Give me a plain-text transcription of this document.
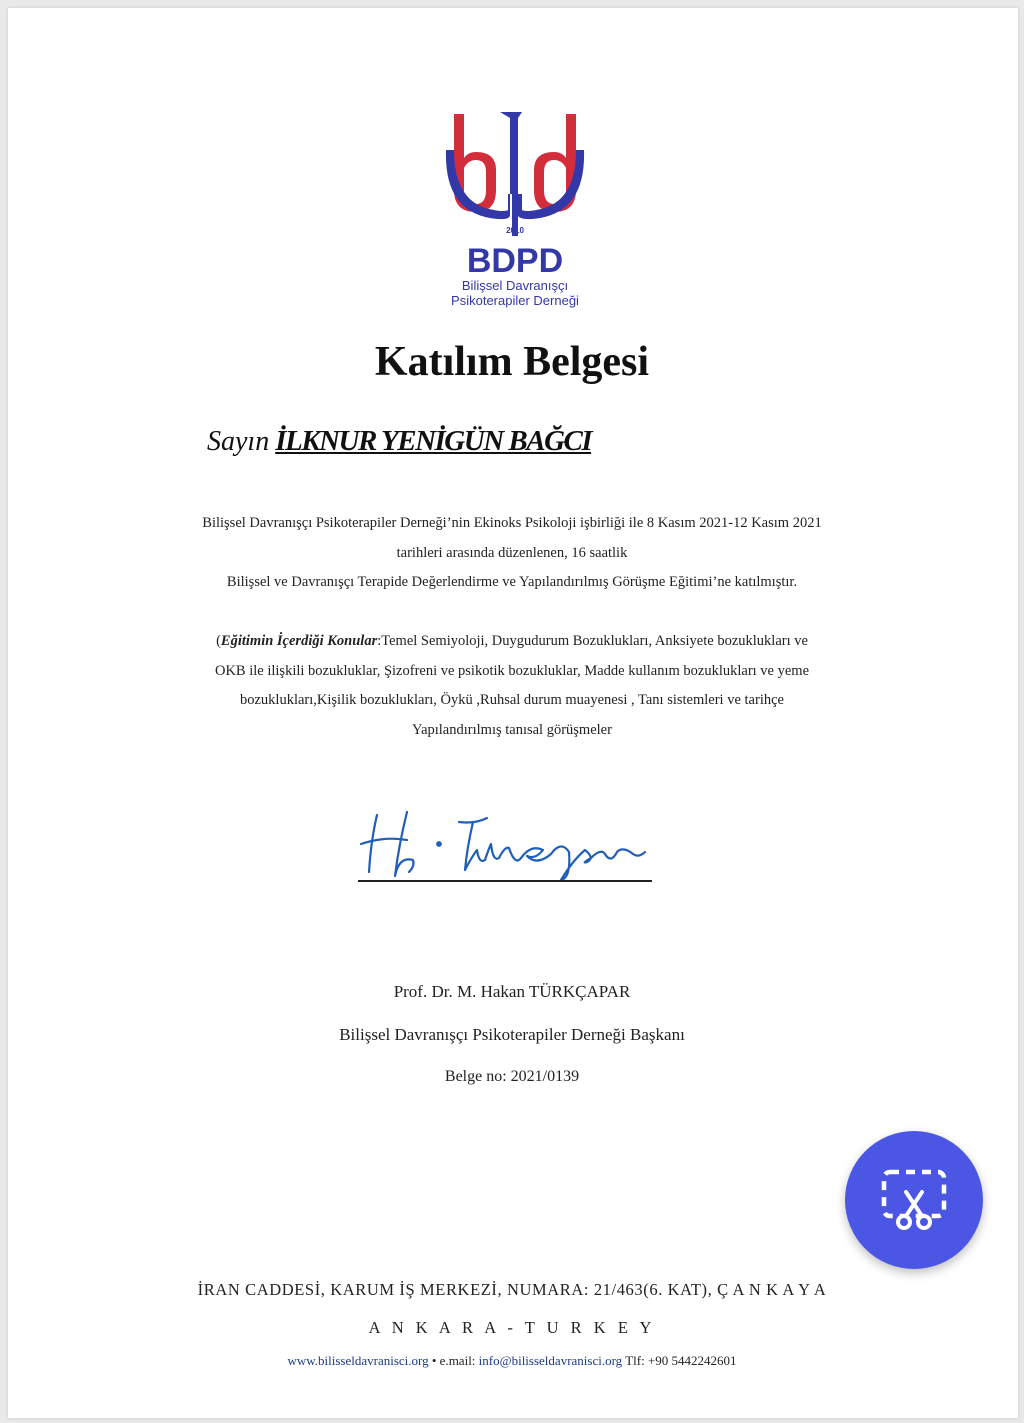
2010
BDPD
Bilişsel Davranışçı
Psikoterapiler Derneği
Katılım Belgesi
Sayın İLKNUR YENİGÜN BAĞCI
Bilişsel Davranışçı Psikoterapiler Derneği’nin Ekinoks Psikoloji işbirliği ile 8 Kasım 2021-12 Kasım 2021
tarihleri arasında düzenlenen, 16 saatlik
Bilişsel ve Davranışçı Terapide Değerlendirme ve Yapılandırılmış Görüşme Eğitimi’ne katılmıştır.
(Eğitimin İçerdiği Konular:Temel Semiyoloji, Duygudurum Bozuklukları, Anksiyete bozuklukları ve
OKB ile ilişkili bozukluklar, Şizofreni ve psikotik bozukluklar, Madde kullanım bozuklukları ve yeme
bozuklukları,Kişilik bozuklukları, Öykü ,Ruhsal durum muayenesi , Tanı sistemleri ve tarihçe
Yapılandırılmış tanısal görüşmeler
Prof. Dr. M. Hakan TÜRKÇAPAR
Bilişsel Davranışçı Psikoterapiler Derneği Başkanı
Belge no: 2021/0139
İRAN CADDESİ, KARUM İŞ MERKEZİ, NUMARA: 21/463(6. KAT), Ç A N K A Y A
A N K A R A - T U R K E Y
www.bilisseldavranisci.org • e.mail: info@bilisseldavranisci.org Tlf: +90 5442242601
